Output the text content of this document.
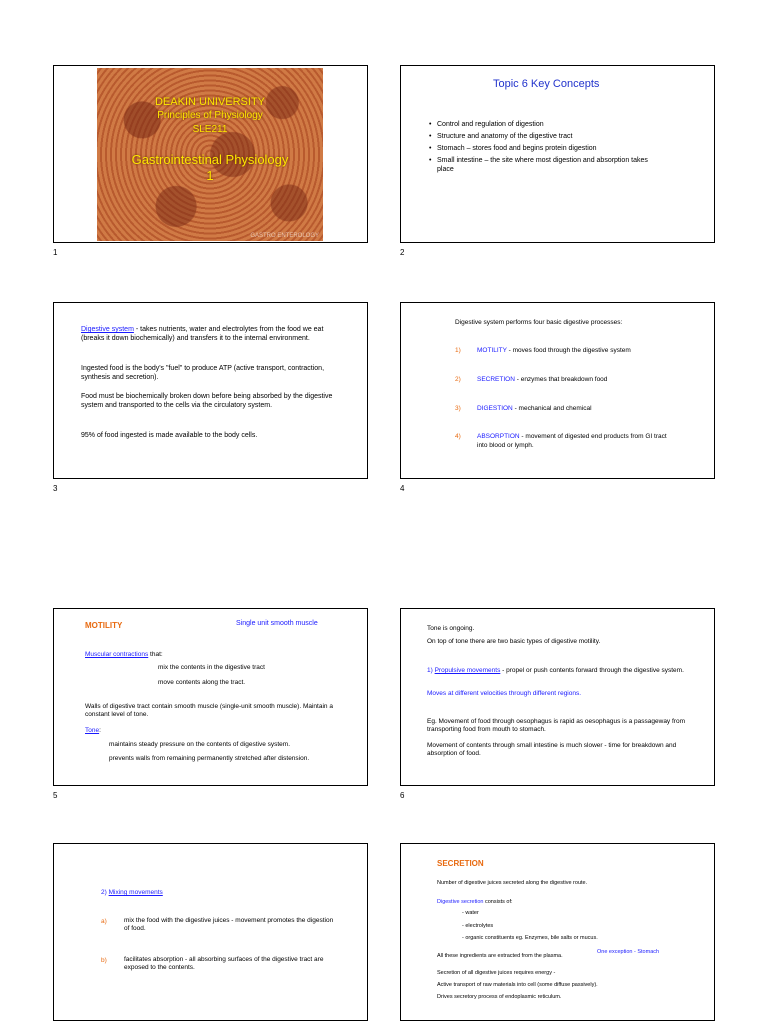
DEAKIN UNIVERSITY
Principles of Physiology
SLE211
Gastrointestinal Physiology
1
GASTRO ENTEROLOGY
1
Topic 6 Key Concepts
• Control and regulation of digestion
• Structure and anatomy of the digestive tract
• Stomach – stores food and begins protein digestion
• Small intestine – the site where most digestion and absorption takes place
2
Digestive system - takes nutrients, water and electrolytes from the food we eat (breaks it down biochemically) and transfers it to the internal environment.
Ingested food is the body's "fuel" to produce ATP (active transport, contraction, synthesis and secretion).
Food must be biochemically broken down before being absorbed by the digestive system and transported to the cells via the circulatory system.
95% of food ingested is made available to the body cells.
3
Digestive system performs four basic digestive processes:
1) MOTILITY - moves food through the digestive system
2) SECRETION - enzymes that breakdown food
3) DIGESTION - mechanical and chemical
4) ABSORPTION - movement of digested end products from GI tract into blood or lymph.
4
MOTILITY	Single unit smooth muscle
Muscular contractions that:
mix the contents in the digestive tract
move contents along the tract.
Walls of digestive tract contain smooth muscle (single-unit smooth muscle). Maintain a constant level of tone.
Tone:
maintains steady pressure on the contents of digestive system.
prevents walls from remaining permanently stretched after distension.
5
Tone is ongoing.
On top of tone there are two basic types of digestive motility.
1) Propulsive movements - propel or push contents forward through the digestive system.
Moves at different velocities through different regions.
Eg. Movement of food through oesophagus is rapid as oesophagus is a passageway from transporting food from mouth to stomach.
Movement of contents through small intestine is much slower - time for breakdown and absorption of food.
6
2) Mixing movements
a)	mix the food with the digestive juices - movement promotes the digestion of food.
b)	facilitates absorption - all absorbing surfaces of the digestive tract are exposed to the contents.
SECRETION
Number of digestive juices secreted along the digestive route.
Digestive secretion consists of:
- water
- electrolytes
- organic constituents eg. Enzymes, bile salts or mucus.
One exception - Stomach
All these ingredients are extracted from the plasma.
Secretion of all digestive juices requires energy -
Active transport of raw materials into cell (some diffuse passively).
Drives secretory process of endoplasmic reticulum.
